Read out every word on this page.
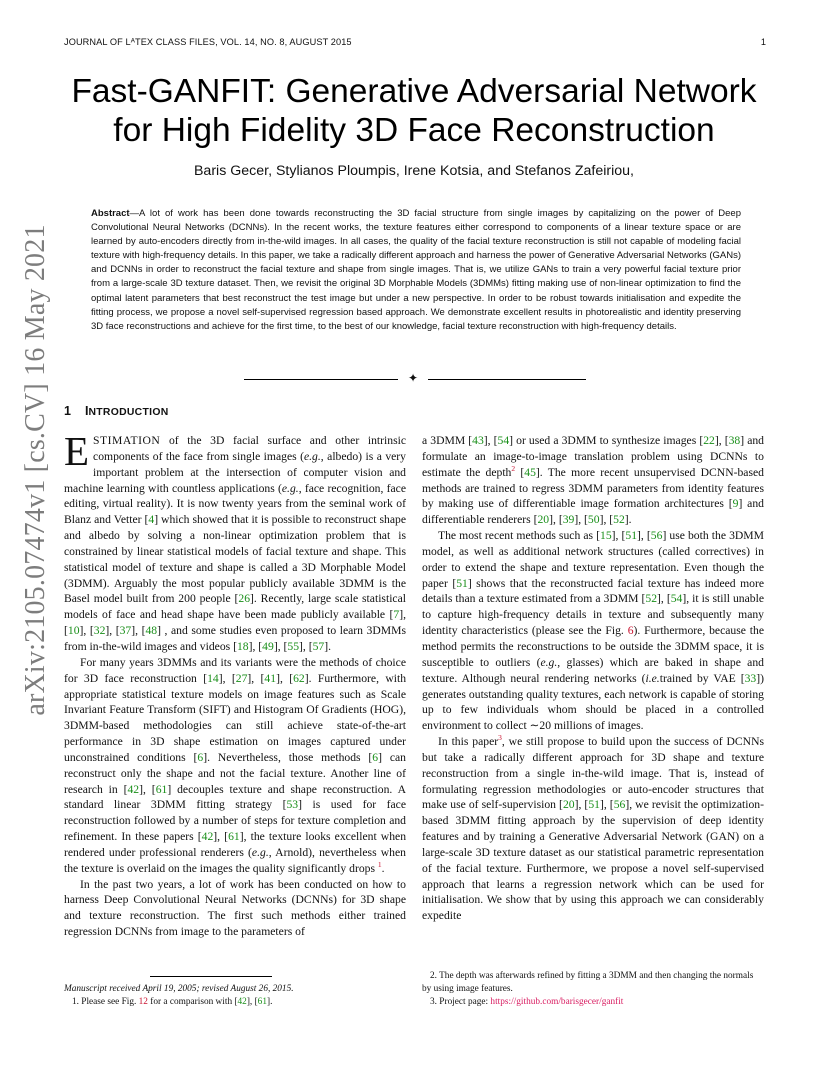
JOURNAL OF LᴬTEX CLASS FILES, VOL. 14, NO. 8, AUGUST 2015	1
arXiv:2105.07474v1 [cs.CV] 16 May 2021
Fast-GANFIT: Generative Adversarial Network
for High Fidelity 3D Face Reconstruction
Baris Gecer, Stylianos Ploumpis, Irene Kotsia, and Stefanos Zafeiriou,
Abstract—A lot of work has been done towards reconstructing the 3D facial structure from single images by capitalizing on the power of Deep Convolutional Neural Networks (DCNNs). In the recent works, the texture features either correspond to components of a linear texture space or are learned by auto-encoders directly from in-the-wild images. In all cases, the quality of the facial texture reconstruction is still not capable of modeling facial texture with high-frequency details. In this paper, we take a radically different approach and harness the power of Generative Adversarial Networks (GANs) and DCNNs in order to reconstruct the facial texture and shape from single images. That is, we utilize GANs to train a very powerful facial texture prior from a large-scale 3D texture dataset. Then, we revisit the original 3D Morphable Models (3DMMs) fitting making use of non-linear optimization to find the optimal latent parameters that best reconstruct the test image but under a new perspective. In order to be robust towards initialisation and expedite the fitting process, we propose a novel self-supervised regression based approach. We demonstrate excellent results in photorealistic and identity preserving 3D face reconstructions and achieve for the first time, to the best of our knowledge, facial texture reconstruction with high-frequency details.
✦
1 INTRODUCTION

ESTIMATION of the 3D facial surface and other intrinsic components of the face from single images (e.g., albedo) is a very important problem at the intersection of computer vision and machine learning with countless applications (e.g., face recognition, face editing, virtual reality). It is now twenty years from the seminal work of Blanz and Vetter [4] which showed that it is possible to reconstruct shape and albedo by solving a non-linear optimization problem that is constrained by linear statistical models of facial texture and shape. This statistical model of texture and shape is called a 3D Morphable Model (3DMM). Arguably the most popular publicly available 3DMM is the Basel model built from 200 people [26]. Recently, large scale statistical models of face and head shape have been made publicly available [7], [10], [32], [37], [48] , and some studies even proposed to learn 3DMMs from in-the-wild images and videos [18], [49], [55], [57].

For many years 3DMMs and its variants were the methods of choice for 3D face reconstruction [14], [27], [41], [62]. Furthermore, with appropriate statistical texture models on image features such as Scale Invariant Feature Transform (SIFT) and Histogram Of Gradients (HOG), 3DMM-based methodologies can still achieve state-of-the-art performance in 3D shape estimation on images captured under unconstrained conditions [6]. Nevertheless, those methods [6] can reconstruct only the shape and not the facial texture. Another line of research in [42], [61] decouples texture and shape reconstruction. A standard linear 3DMM fitting strategy [53] is used for face reconstruction followed by a number of steps for texture completion and refinement. In these papers [42], [61], the texture looks excellent when rendered under professional renderers (e.g., Arnold), nevertheless when the texture is overlaid on the images the quality significantly drops $^1$.

In the past two years, a lot of work has been conducted on how to harness Deep Convolutional Neural Networks (DCNNs) for 3D shape and texture reconstruction. The first such methods either trained regression DCNNs from image to the parameters of

a 3DMM [43], [54] or used a 3DMM to synthesize images [22], [38] and formulate an image-to-image translation problem using DCNNs to estimate the depth$^2$ [45]. The more recent unsupervised DCNN-based methods are trained to regress 3DMM parameters from identity features by making use of differentiable image formation architectures [9] and differentiable renderers [20], [39], [50], [52].

The most recent methods such as [15], [51], [56] use both the 3DMM model, as well as additional network structures (called correctives) in order to extend the shape and texture representation. Even though the paper [51] shows that the reconstructed facial texture has indeed more details than a texture estimated from a 3DMM [52], [54], it is still unable to capture high-frequency details in texture and subsequently many identity characteristics (please see the Fig. 6). Furthermore, because the method permits the reconstructions to be outside the 3DMM space, it is susceptible to outliers (e.g., glasses) which are baked in shape and texture. Although neural rendering networks (i.e.trained by VAE [33]) generates outstanding quality textures, each network is capable of storing up to few individuals whom should be placed in a controlled environment to collect ∼20 millions of images.

In this paper$^3$, we still propose to build upon the success of DCNNs but take a radically different approach for 3D shape and texture reconstruction from a single in-the-wild image. That is, instead of formulating regression methodologies or auto-encoder structures that make use of self-supervision [20], [51], [56], we revisit the optimization-based 3DMM fitting approach by the supervision of deep identity features and by training a Generative Adversarial Network (GAN) on a large-scale 3D texture dataset as our statistical parametric representation of the facial texture. Furthermore, we propose a novel self-supervised approach that learns a regression network which can be used for initialisation. We show that by using this approach we can considerably expedite

Manuscript received April 19, 2005; revised August 26, 2015.

1. Please see Fig. 12 for a comparison with [42], [61].

2. The depth was afterwards refined by fitting a 3DMM and then changing the normals by using image features.

3. Project page: https://github.com/barisgecer/ganfit
